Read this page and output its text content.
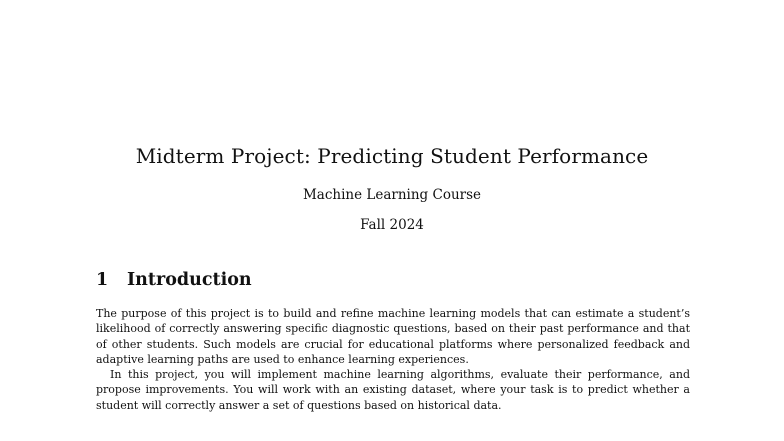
Midterm Project: Predicting Student Performance
Machine Learning Course
Fall 2024
1 Introduction

The purpose of this project is to build and refine machine learning models that can estimate a student’s likelihood of correctly answering specific diagnostic questions, based on their past performance and that of other students. Such models are crucial for educational platforms where personalized feedback and adaptive learning paths are used to enhance learning experiences.

In this project, you will implement machine learning algorithms, evaluate their performance, and propose improvements. You will work with an existing dataset, where your task is to predict whether a student will correctly answer a set of questions based on historical data.
